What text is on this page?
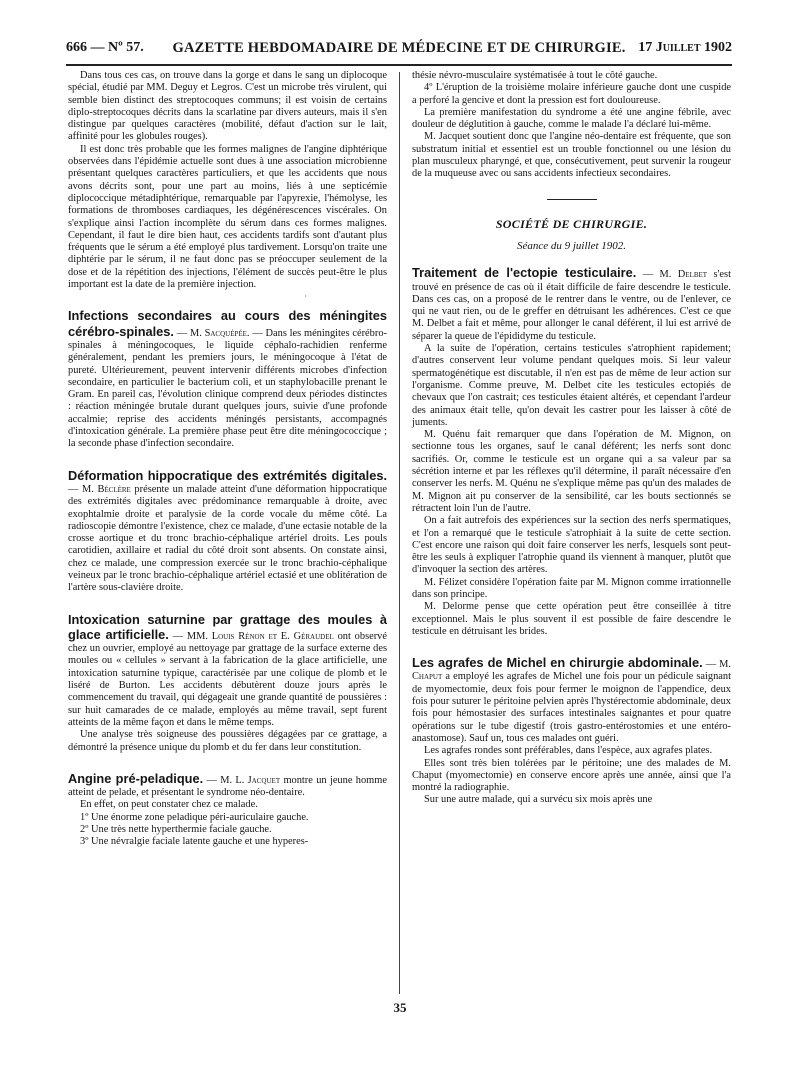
666 — Nº 57.	GAZETTE HEBDOMADAIRE DE MÉDECINE ET DE CHIRURGIE. 17 Juillet 1902

Dans tous ces cas, on trouve dans la gorge et dans le sang un diplocoque spécial, étudié par MM. Deguy et Legros. C'est un microbe très virulent, qui semble bien distinct des streptocoques communs; il est voisin de certains diplo-streptocoques décrits dans la scarlatine par divers auteurs, mais il s'en distingue par quelques caractères (mobilité, défaut d'action sur le lait, affinité pour les globules rouges).

Il est donc très probable que les formes malignes de l'angine diphtérique observées dans l'épidémie actuelle sont dues à une association microbienne présentant quelques caractères particuliers, et que les accidents que nous avons décrits sont, pour une part au moins, liés à une septicémie diplococcique métadiphtérique, remarquable par l'apyrexie, l'hémolyse, les formations de thromboses cardiaques, les dégénérescences viscérales. On s'explique ainsi l'action incomplète du sérum dans ces formes malignes. Cependant, il faut le dire bien haut, ces accidents tardifs sont d'autant plus fréquents que le sérum a été employé plus tardivement. Lorsqu'on traite une diphtérie par le sérum, il ne faut donc pas se préoccuper seulement de la dose et de la répétition des injections, l'élément de succès peut-être le plus important est la date de la première injection.

·

Infections secondaires au cours des méningites cérébro-spinales. — M. Sacquépée. — Dans les méningites cérébro-spinales à méningocoques, le liquide céphalo-rachidien renferme généralement, pendant les premiers jours, le méningocoque à l'état de pureté. Ultérieurement, peuvent intervenir différents microbes d'infection secondaire, en particulier le bacterium coli, et un staphylobacille prenant le Gram. En pareil cas, l'évolution clinique comprend deux périodes distinctes : réaction méningée brutale durant quelques jours, suivie d'une profonde accalmie; reprise des accidents méningés persistants, accompagnés d'intoxication générale. La première phase peut être dite méningococcique ; la seconde phase d'infection secondaire.

Déformation hippocratique des extrémités digitales. — M. Béclère présente un malade atteint d'une déformation hippocratique des extrémités digitales avec prédominance remarquable à droite, avec exophtalmie droite et paralysie de la corde vocale du même côté. La radioscopie démontre l'existence, chez ce malade, d'une ectasie notable de la crosse aortique et du tronc brachio-céphalique artériel droits. Les pouls carotidien, axillaire et radial du côté droit sont absents. On constate ainsi, chez ce malade, une compression exercée sur le tronc brachio-céphalique veineux par le tronc brachio-céphalique artériel ectasié et une oblitération de l'artère sous-clavière droite.

Intoxication saturnine par grattage des moules à glace artificielle. — MM. Louis Rénon et E. Géraudel ont observé chez un ouvrier, employé au nettoyage par grattage de la surface externe des moules ou « cellules » servant à la fabrication de la glace artificielle, une intoxication saturnine typique, caractérisée par une colique de plomb et le liséré de Burton. Les accidents débutèrent douze jours après le commencement du travail, qui dégageait une grande quantité de poussières : sur huit camarades de ce malade, employés au même travail, sept furent atteints de la même façon et dans le même temps.

Une analyse très soigneuse des poussières dégagées par ce grattage, a démontré la présence unique du plomb et du fer dans leur constitution.

Angine pré-peladique. — M. L. Jacquet montre un jeune homme atteint de pelade, et présentant le syndrome néo-dentaire.

En effet, on peut constater chez ce malade.

1º Une énorme zone peladique péri-auriculaire gauche.

2º Une très nette hyperthermie faciale gauche.

3º Une névralgie faciale latente gauche et une hyperes-

thésie névro-musculaire systématisée à tout le côté gauche.

4º L'éruption de la troisième molaire inférieure gauche dont une cuspide a perforé la gencive et dont la pression est fort douloureuse.

La première manifestation du syndrome a été une angine fébrile, avec douleur de déglutition à gauche, comme le malade l'a déclaré lui-même.

M. Jacquet soutient donc que l'angine néo-dentaire est fréquente, que son substratum initial et essentiel est un trouble fonctionnel ou une lésion du plan musculeux pharyngé, et que, consécutivement, peut survenir la rougeur de la muqueuse avec ou sans accidents infectieux secondaires.

SOCIÉTÉ DE CHIRURGIE.
Séance du 9 juillet 1902.

Traitement de l'ectopie testiculaire. — M. Delbet s'est trouvé en présence de cas où il était difficile de faire descendre le testicule. Dans ces cas, on a proposé de le rentrer dans le ventre, ou de l'enlever, ce qui ne vaut rien, ou de le greffer en détruisant les adhérences. C'est ce que M. Delbet a fait et même, pour allonger le canal déférent, il lui est arrivé de séparer la queue de l'épididyme du testicule.

A la suite de l'opération, certains testicules s'atrophient rapidement; d'autres conservent leur volume pendant quelques mois. Si leur valeur spermatogénétique est discutable, il n'en est pas de même de leur action sur l'organisme. Comme preuve, M. Delbet cite les testicules ectopiés de chevaux que l'on castrait; ces testicules étaient altérés, et cependant l'ardeur des animaux était telle, qu'on devait les castrer pour les laisser à côté de juments.

M. Quénu fait remarquer que dans l'opération de M. Mignon, on sectionne tous les organes, sauf le canal déférent; les nerfs sont donc sacrifiés. Or, comme le testicule est un organe qui a sa valeur par sa sécrétion interne et par les réflexes qu'il détermine, il paraît nécessaire d'en conserver les nerfs. M. Quénu ne s'explique même pas qu'un des malades de M. Mignon ait pu conserver de la sensibilité, car les bouts sectionnés se rétractent loin l'un de l'autre.

On a fait autrefois des expériences sur la section des nerfs spermatiques, et l'on a remarqué que le testicule s'atrophiait à la suite de cette section. C'est encore une raison qui doit faire conserver les nerfs, lesquels sont peut-être les seuls à expliquer l'atrophie quand ils viennent à manquer, plutôt que d'invoquer la section des artères.

M. Félizet considère l'opération faite par M. Mignon comme irrationnelle dans son principe.

M. Delorme pense que cette opération peut être conseillée à titre exceptionnel. Mais le plus souvent il est possible de faire descendre le testicule en détruisant les brides.

Les agrafes de Michel en chirurgie abdominale. — M. Chaput a employé les agrafes de Michel une fois pour un pédicule saignant de myomectomie, deux fois pour fermer le moignon de l'appendice, deux fois pour suturer le péritoine pelvien après l'hystérectomie abdominale, deux fois pour hémostasier des surfaces intestinales saignantes et pour quatre opérations sur le tube digestif (trois gastro-entérostomies et une entéro-anastomose). Sauf un, tous ces malades ont guéri.

Les agrafes rondes sont préférables, dans l'espèce, aux agrafes plates.

Elles sont très bien tolérées par le péritoine; une des malades de M. Chaput (myomectomie) en conserve encore après une année, ainsi que l'a montré la radiographie.

Sur une autre malade, qui a survécu six mois après une

35
